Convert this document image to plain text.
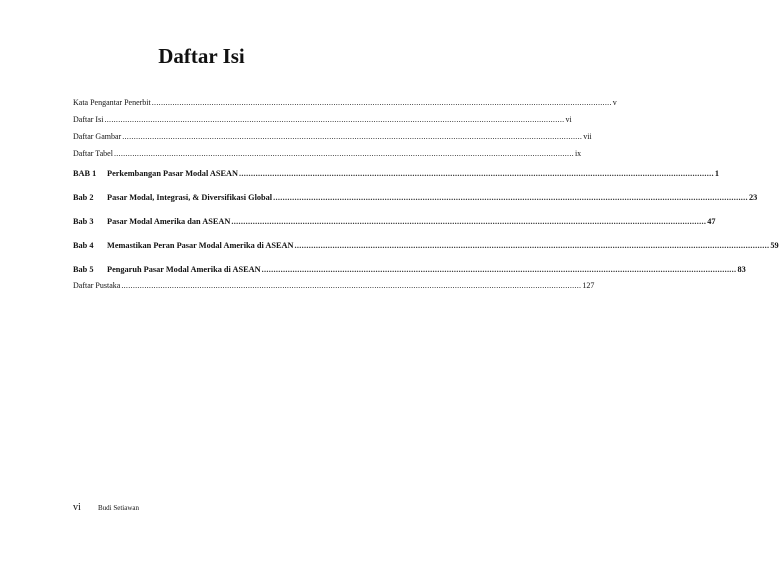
Daftar Isi
Kata Pengantar Penerbit ........................................................................................................................................................................................................ v
Daftar Isi ........................................................................................................................................................................................................ vi
Daftar Gambar ........................................................................................................................................................................................................ vii
Daftar Tabel ........................................................................................................................................................................................................ ix
BAB 1	Perkembangan Pasar Modal ASEAN ........................................................................................................................................................................................................ 1
Bab 2	Pasar Modal, Integrasi, & Diversifikasi Global ........................................................................................................................................................................................................ 23
Bab 3	Pasar Modal Amerika dan ASEAN ........................................................................................................................................................................................................ 47
Bab 4	Memastikan Peran Pasar Modal Amerika di ASEAN ........................................................................................................................................................................................................ 59
Bab 5	Pengaruh Pasar Modal Amerika di ASEAN ........................................................................................................................................................................................................ 83
Daftar Pustaka ........................................................................................................................................................................................................ 127
vi	Budi Setiawan
